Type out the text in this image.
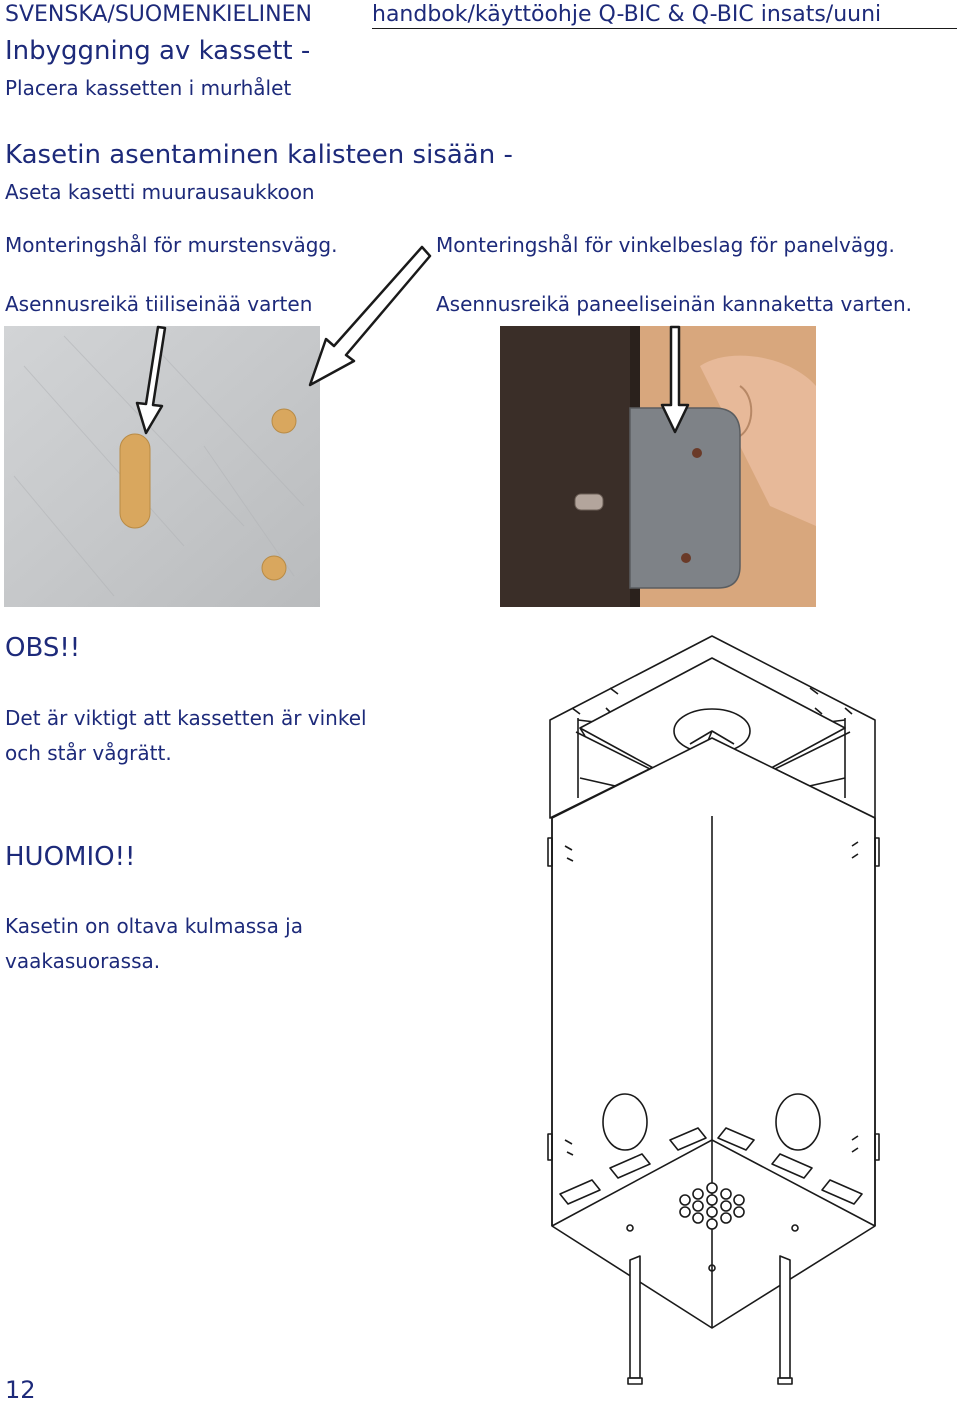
SVENSKA/SUOMENKIELINEN	handbok/käyttöohje Q-BIC & Q-BIC insats/uuni
Inbyggning av kassett -
Placera kassetten i murhålet
Kasetin asentaminen kalisteen sisään -
Aseta kasetti muurausaukkoon
Monteringshål för murstensvägg.
Asennusreikä tiiliseinää varten
Monteringshål för vinkelbeslag för panelvägg.
Asennusreikä paneeliseinän kannaketta varten.
OBS!!
Det är viktigt att kassetten är vinkel
och står vågrätt.
HUOMIO!!
Kasetin on oltava kulmassa ja
vaakasuorassa.
12
